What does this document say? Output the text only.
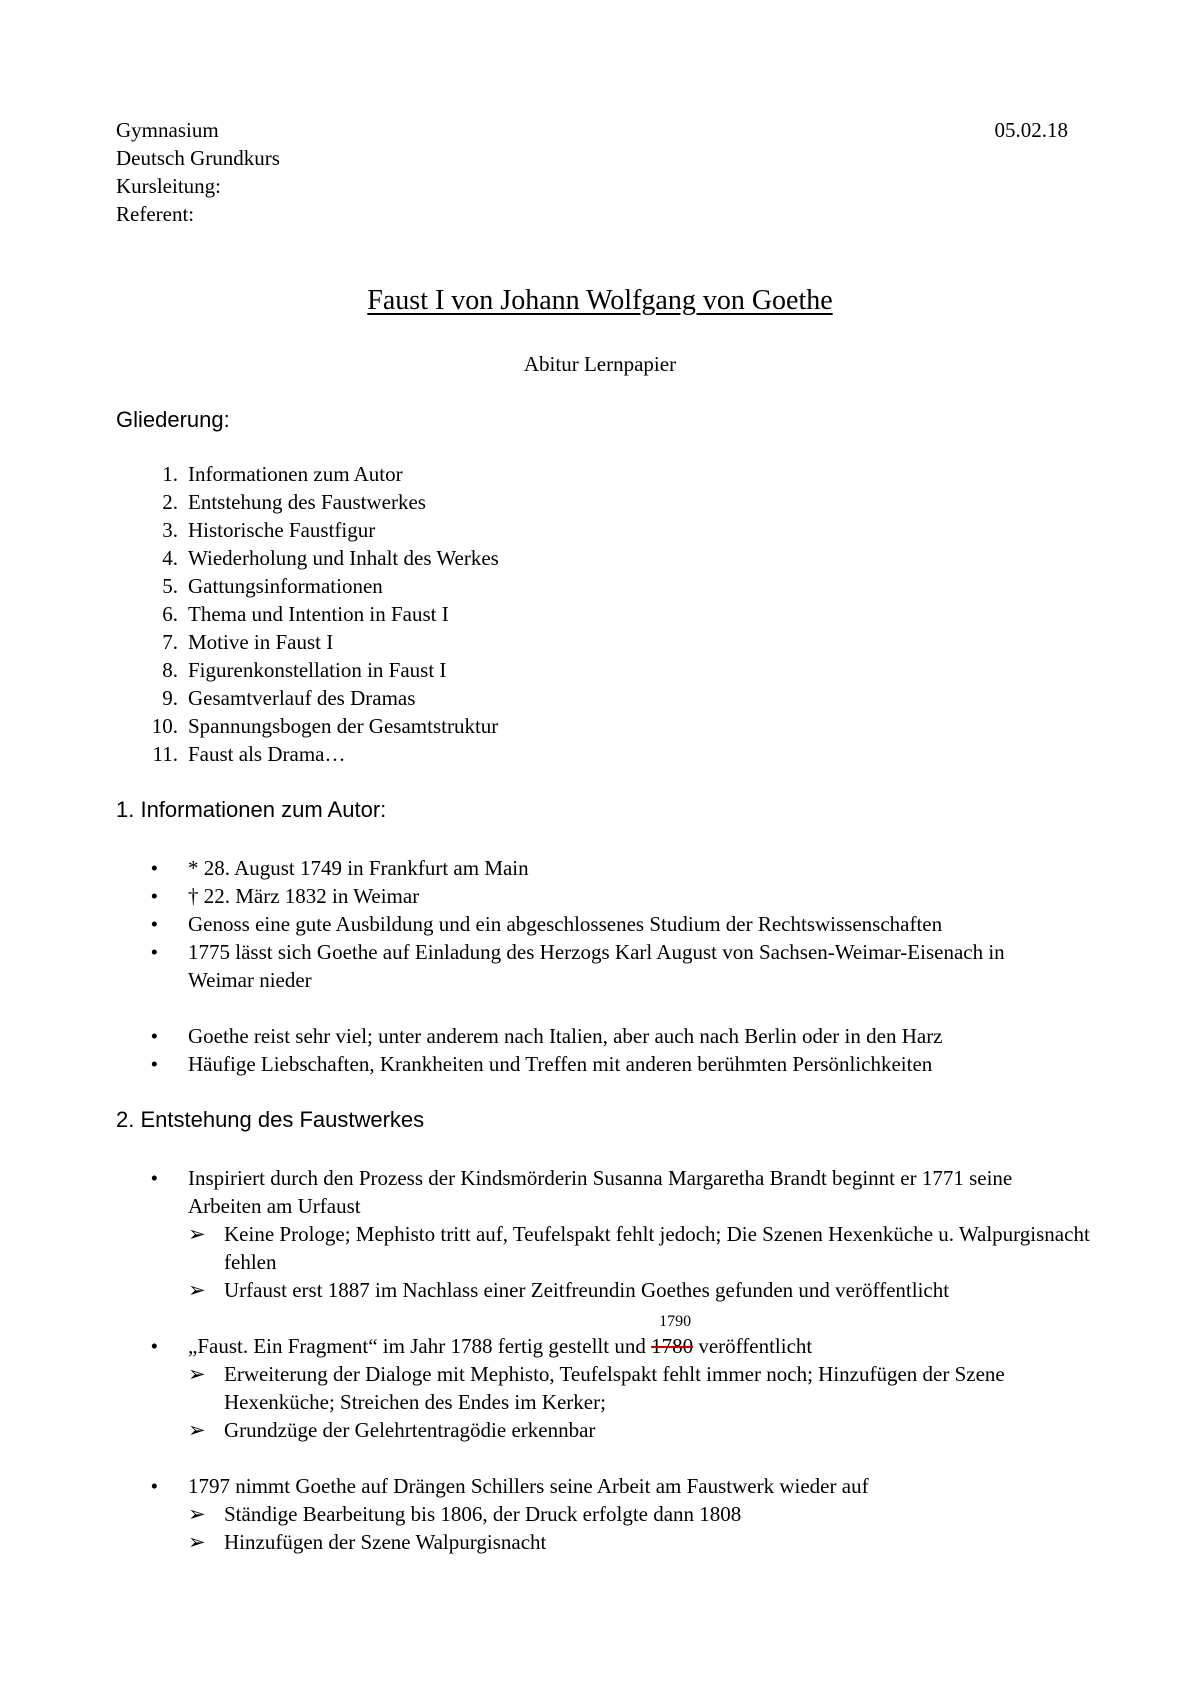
Gymnasium	05.02.18
Deutsch Grundkurs
Kursleitung:
Referent:
Faust I von Johann Wolfgang von Goethe
Abitur Lernpapier
Gliederung:
1. Informationen zum Autor
2. Entstehung des Faustwerkes
3. Historische Faustfigur
4. Wiederholung und Inhalt des Werkes
5. Gattungsinformationen
6. Thema und Intention in Faust I
7. Motive in Faust I
8. Figurenkonstellation in Faust I
9. Gesamtverlauf des Dramas
10. Spannungsbogen der Gesamtstruktur
11. Faust als Drama…
1. Informationen zum Autor:
•	* 28. August 1749 in Frankfurt am Main
•	† 22. März 1832 in Weimar
•	Genoss eine gute Ausbildung und ein abgeschlossenes Studium der Rechtswissenschaften
•	1775 lässt sich Goethe auf Einladung des Herzogs Karl August von Sachsen-Weimar-Eisenach in Weimar nieder
•	Goethe reist sehr viel; unter anderem nach Italien, aber auch nach Berlin oder in den Harz
•	Häufige Liebschaften, Krankheiten und Treffen mit anderen berühmten Persönlichkeiten
2. Entstehung des Faustwerkes
•	Inspiriert durch den Prozess der Kindsmörderin Susanna Margaretha Brandt beginnt er 1771 seine Arbeiten am Urfaust
➢ Keine Prologe; Mephisto tritt auf, Teufelspakt fehlt jedoch; Die Szenen Hexenküche u. Walpurgisnacht fehlen
➢ Urfaust erst 1887 im Nachlass einer Zeitfreundin Goethes gefunden und veröffentlicht
•	„Faust. Ein Fragment“ im Jahr 1788 fertig gestellt und
1790
1780 veröffentlicht
➢ Erweiterung der Dialoge mit Mephisto, Teufelspakt fehlt immer noch; Hinzufügen der Szene Hexenküche; Streichen des Endes im Kerker;
➢ Grundzüge der Gelehrtentragödie erkennbar
•	1797 nimmt Goethe auf Drängen Schillers seine Arbeit am Faustwerk wieder auf
➢ Ständige Bearbeitung bis 1806, der Druck erfolgte dann 1808
➢ Hinzufügen der Szene Walpurgisnacht
